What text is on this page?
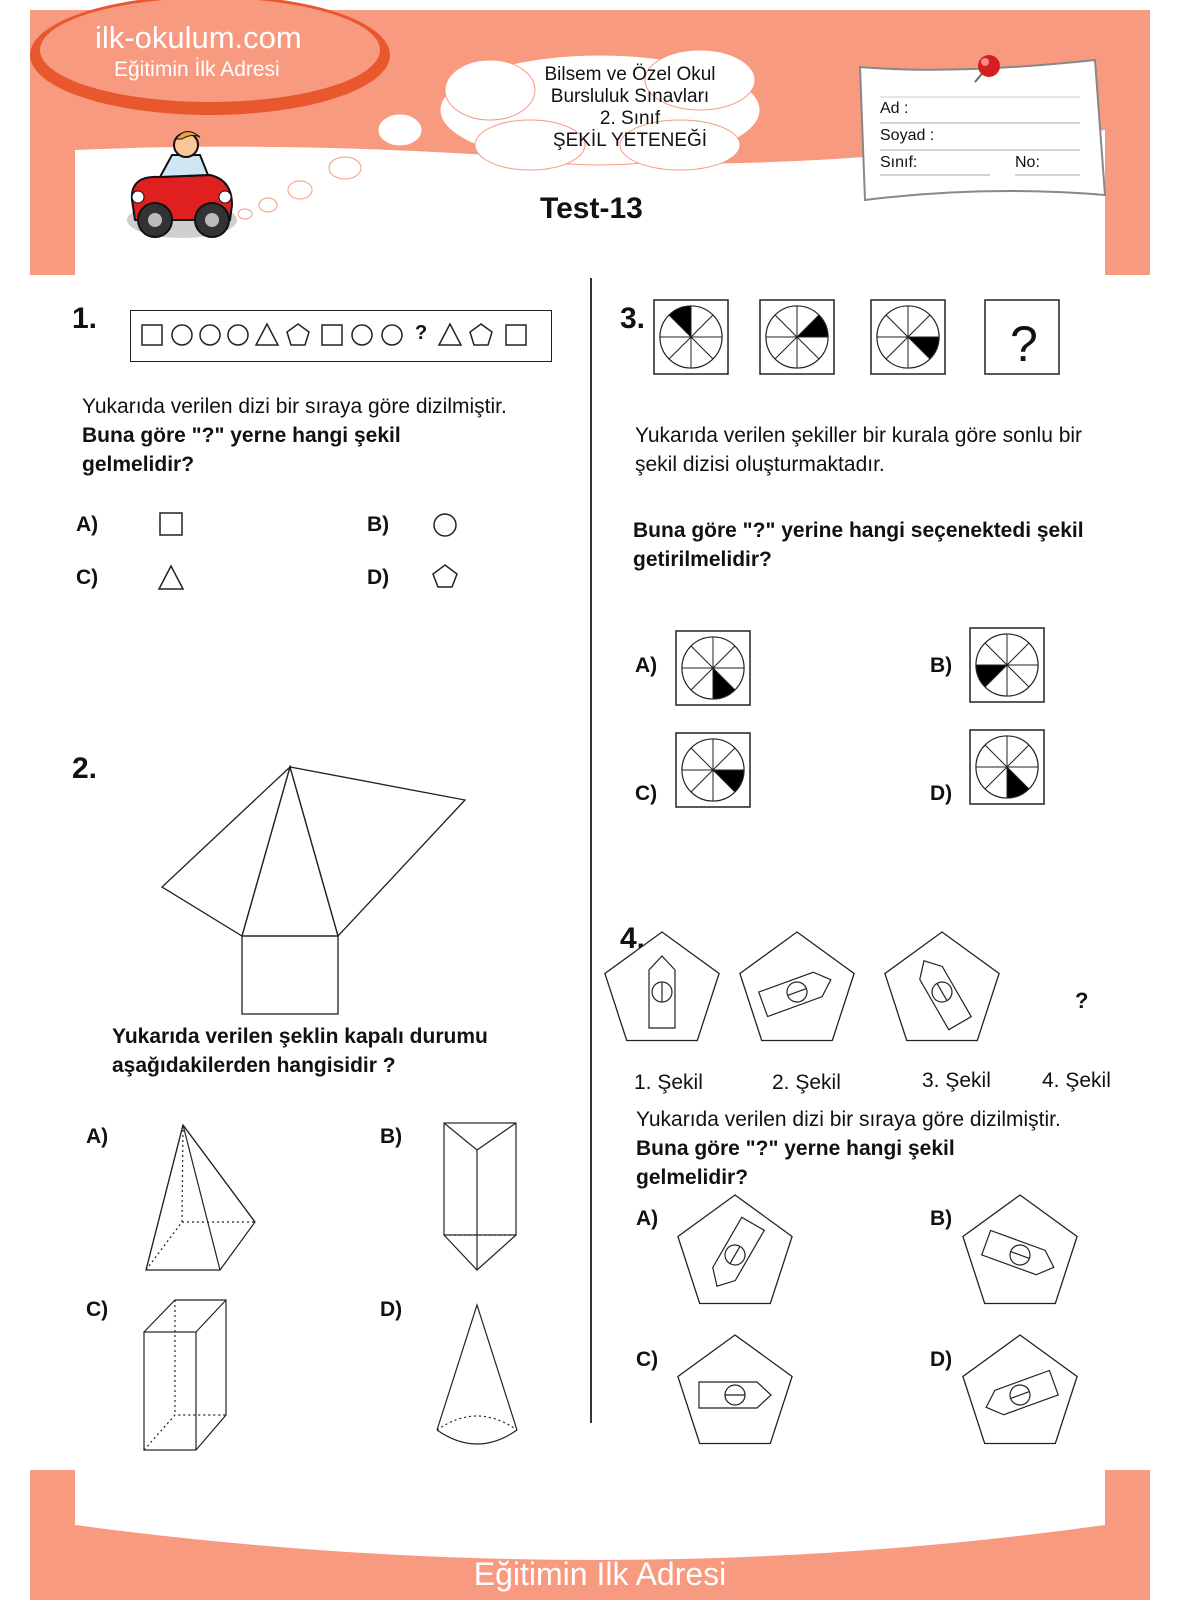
ilk-okulum.com
Eğitimin İlk Adresi	Bilsem ve Özel Okul
Bursluluk Sınavları
2. Sınıf
ŞEKİL YETENEĞİ
Test-13
Ad :
Soyad :
Sınıf:	No:
1.	?
Yukarıda verilen dizi bir sıraya göre dizilmiştir.
Buna göre "?" yerne hangi şekil gelmelidir?
A)	B)
C)	D)
2.
Yukarıda verilen şeklin kapalı durumu aşağıdakilerden hangisidir ?
A)	B)
C)	D)
3.	?
Yukarıda verilen şekiller bir kurala göre sonlu bir şekil dizisi oluşturmaktadır.
Buna göre "?" yerine hangi seçenektedi şekil getirilmelidir?
A)	B)
C)	D)
4.
?
1. Şekil	2. Şekil	3. Şekil 4. Şekil
Yukarıda verilen dizi bir sıraya göre dizilmiştir.
Buna göre "?" yerne hangi şekil gelmelidir?
A)	B)
C)	D)
ilk-okulum.com
Eğitimin İlk Adresi
